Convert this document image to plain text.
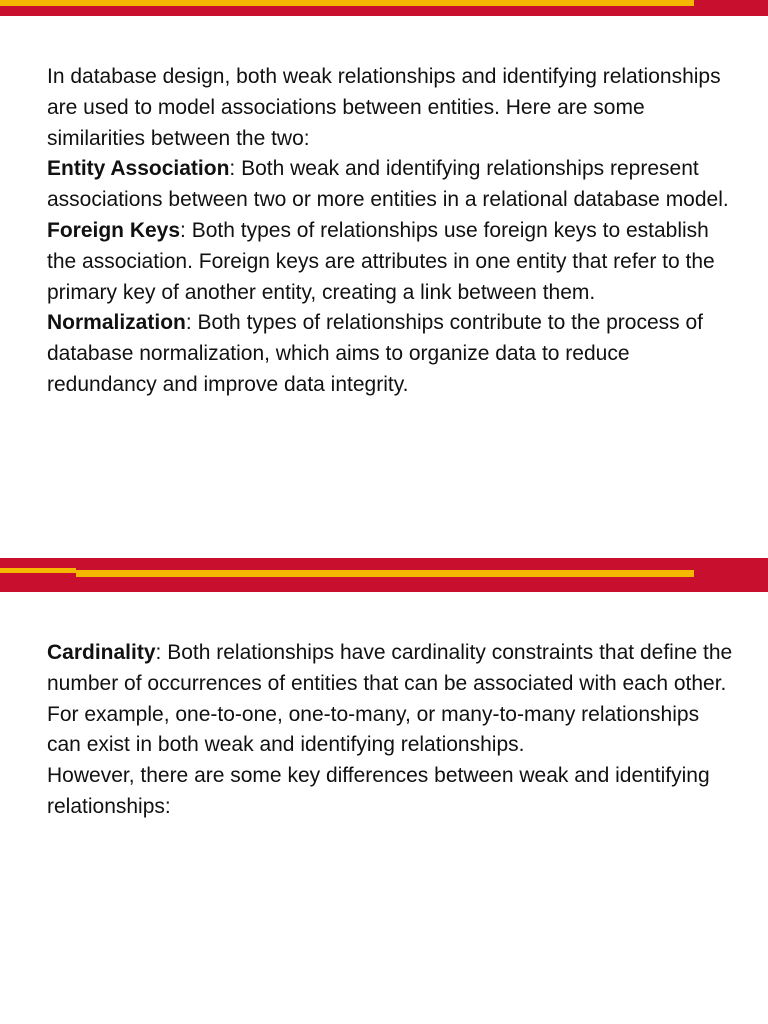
In database design, both weak relationships and identifying relationships are used to model associations between entities. Here are some similarities between the two:

Entity Association: Both weak and identifying relationships represent associations between two or more entities in a relational database model.

Foreign Keys: Both types of relationships use foreign keys to establish the association. Foreign keys are attributes in one entity that refer to the primary key of another entity, creating a link between them.

Normalization: Both types of relationships contribute to the process of database normalization, which aims to organize data to reduce redundancy and improve data integrity.

Cardinality: Both relationships have cardinality constraints that define the number of occurrences of entities that can be associated with each other. For example, one-to-one, one-to-many, or many-to-many relationships can exist in both weak and identifying relationships.

However, there are some key differences between weak and identifying relationships:
